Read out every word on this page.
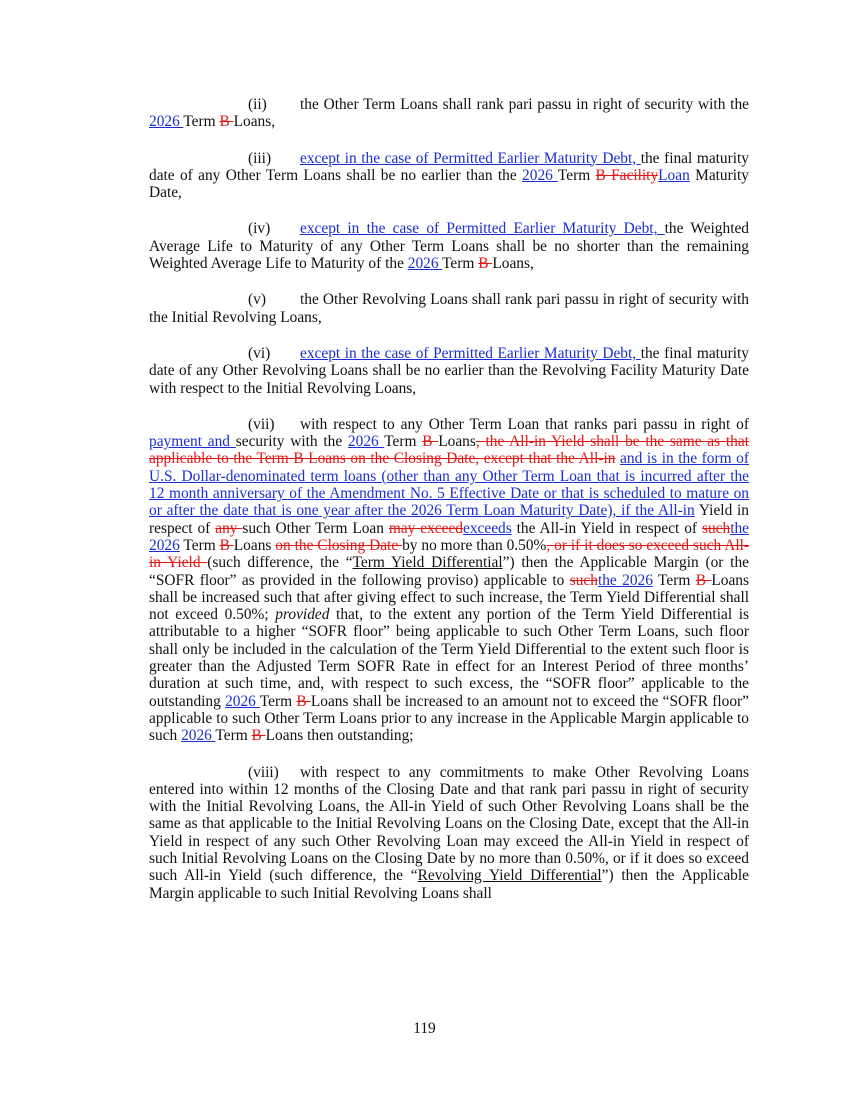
(ii) the Other Term Loans shall rank pari passu in right of security with the 2026 Term B Loans,

(iii) except in the case of Permitted Earlier Maturity Debt, the final maturity date of any Other Term Loans shall be no earlier than the 2026 Term B FacilityLoan Maturity Date,

(iv) except in the case of Permitted Earlier Maturity Debt, the Weighted Average Life to Maturity of any Other Term Loans shall be no shorter than the remaining Weighted Average Life to Maturity of the 2026 Term B Loans,

(v) the Other Revolving Loans shall rank pari passu in right of security with the Initial Revolving Loans,

(vi) except in the case of Permitted Earlier Maturity Debt, the final maturity date of any Other Revolving Loans shall be no earlier than the Revolving Facility Maturity Date with respect to the Initial Revolving Loans,

(vii) with respect to any Other Term Loan that ranks pari passu in right of payment and security with the 2026 Term B Loans, the All-in Yield shall be the same as that applicable to the Term B Loans on the Closing Date, except that the All-in and is in the form of U.S. Dollar-denominated term loans (other than any Other Term Loan that is incurred after the 12 month anniversary of the Amendment No. 5 Effective Date or that is scheduled to mature on or after the date that is one year after the 2026 Term Loan Maturity Date), if the All-in Yield in respect of any such Other Term Loan may exceedexceeds the All-in Yield in respect of suchthe 2026 Term B Loans on the Closing Date by no more than 0.50%, or if it does so exceed such All-in Yield (such difference, the “Term Yield Differential”) then the Applicable Margin (or the “SOFR floor” as provided in the following proviso) applicable to suchthe 2026 Term B Loans shall be increased such that after giving effect to such increase, the Term Yield Differential shall not exceed 0.50%; provided that, to the extent any portion of the Term Yield Differential is attributable to a higher “SOFR floor” being applicable to such Other Term Loans, such floor shall only be included in the calculation of the Term Yield Differential to the extent such floor is greater than the Adjusted Term SOFR Rate in effect for an Interest Period of three months’ duration at such time, and, with respect to such excess, the “SOFR floor” applicable to the outstanding 2026 Term B Loans shall be increased to an amount not to exceed the “SOFR floor” applicable to such Other Term Loans prior to any increase in the Applicable Margin applicable to such 2026 Term B Loans then outstanding;

(viii) with respect to any commitments to make Other Revolving Loans entered into within 12 months of the Closing Date and that rank pari passu in right of security with the Initial Revolving Loans, the All-in Yield of such Other Revolving Loans shall be the same as that applicable to the Initial Revolving Loans on the Closing Date, except that the All-in Yield in respect of any such Other Revolving Loan may exceed the All-in Yield in respect of such Initial Revolving Loans on the Closing Date by no more than 0.50%, or if it does so exceed such All-in Yield (such difference, the “Revolving Yield Differential”) then the Applicable Margin applicable to such Initial Revolving Loans shall

119
